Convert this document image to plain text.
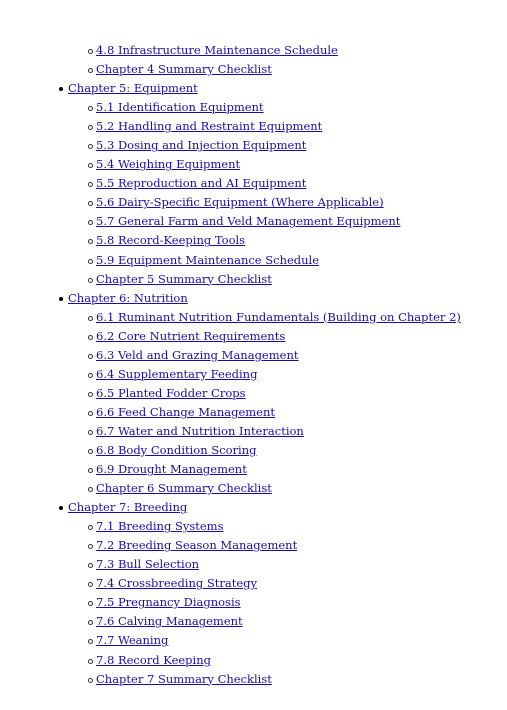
4.8 Infrastructure Maintenance Schedule
Chapter 4 Summary Checklist
Chapter 5: Equipment
5.1 Identification Equipment
5.2 Handling and Restraint Equipment
5.3 Dosing and Injection Equipment
5.4 Weighing Equipment
5.5 Reproduction and AI Equipment
5.6 Dairy-Specific Equipment (Where Applicable)
5.7 General Farm and Veld Management Equipment
5.8 Record-Keeping Tools
5.9 Equipment Maintenance Schedule
Chapter 5 Summary Checklist
Chapter 6: Nutrition
6.1 Ruminant Nutrition Fundamentals (Building on Chapter 2)
6.2 Core Nutrient Requirements
6.3 Veld and Grazing Management
6.4 Supplementary Feeding
6.5 Planted Fodder Crops
6.6 Feed Change Management
6.7 Water and Nutrition Interaction
6.8 Body Condition Scoring
6.9 Drought Management
Chapter 6 Summary Checklist
Chapter 7: Breeding
7.1 Breeding Systems
7.2 Breeding Season Management
7.3 Bull Selection
7.4 Crossbreeding Strategy
7.5 Pregnancy Diagnosis
7.6 Calving Management
7.7 Weaning
7.8 Record Keeping
Chapter 7 Summary Checklist
